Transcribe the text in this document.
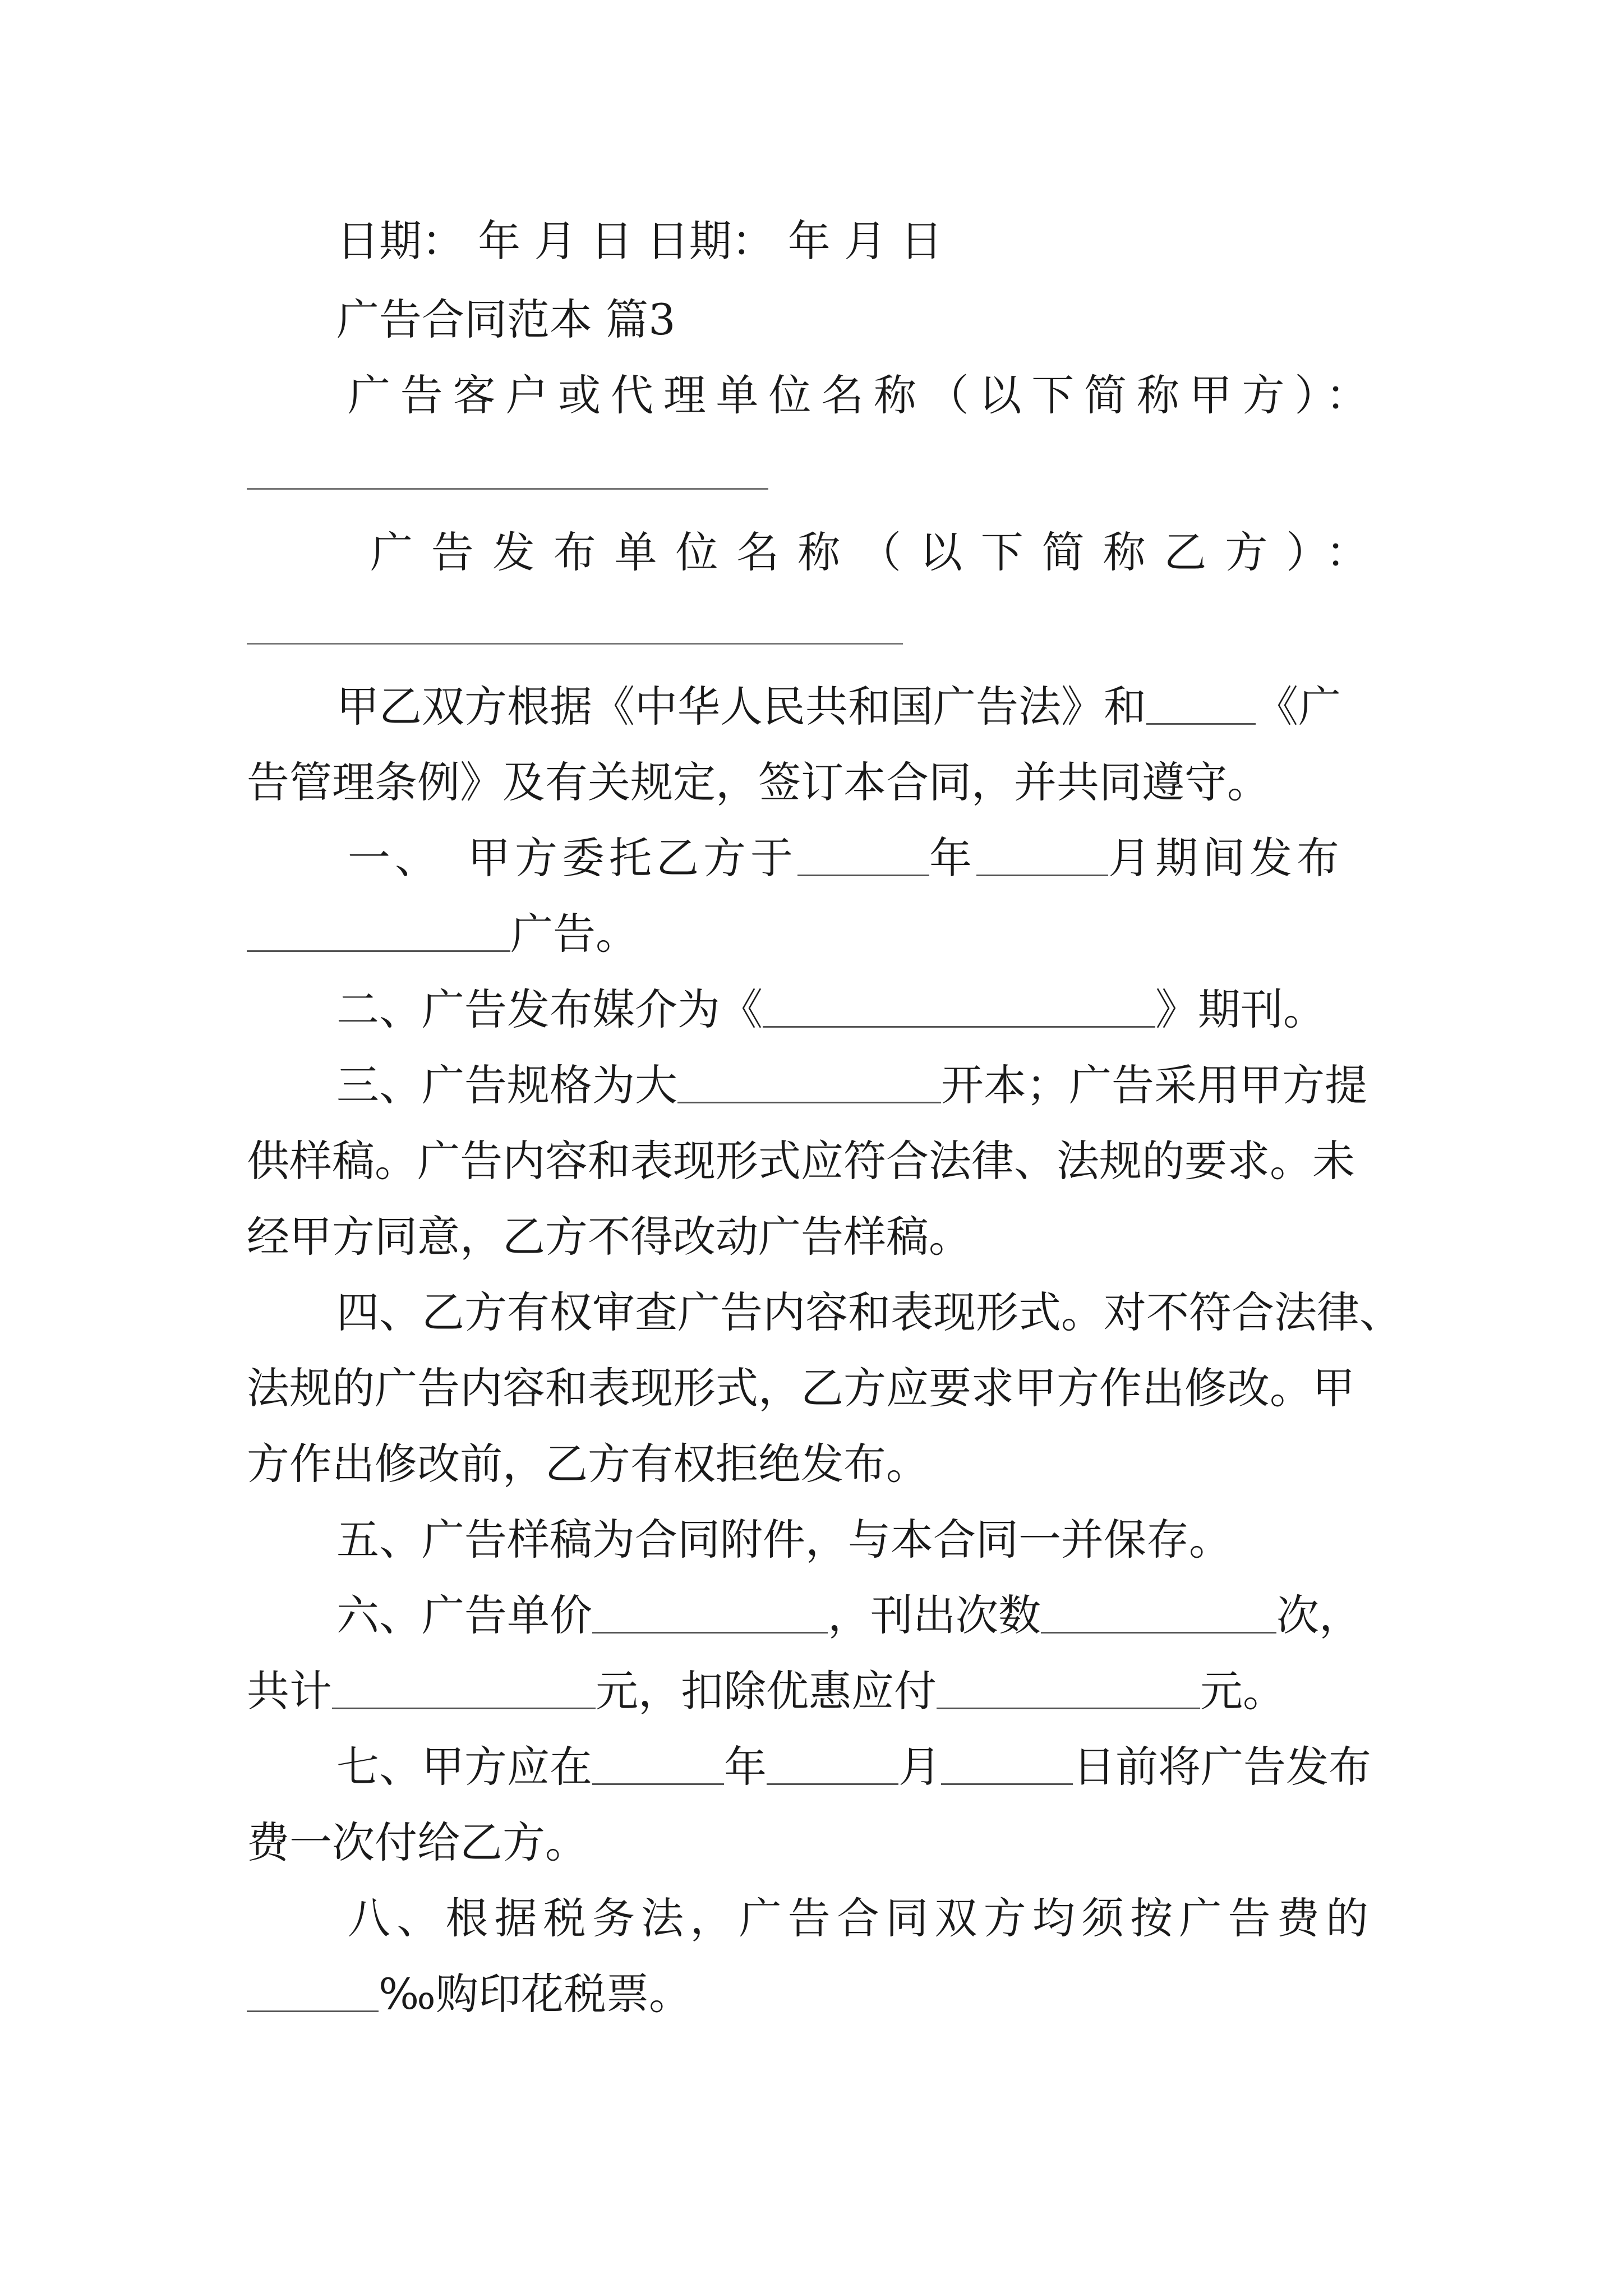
日期： 年 月 日 日期： 年 月 日
广告合同范本 篇3
广告客户或代理单位名称（以下简称甲方）：
广告发布单位名称（以下简称乙方）：
甲乙双方根据《中华人民共和国广告法》和	《广
告管理条例》及有关规定，签订本合同，并共同遵守。
一、　甲方委托乙方于	年	月期间发布
广告。
二、广告发布媒介为《	》期刊。
三、广告规格为大	开本；广告采用甲方提
供样稿。广告内容和表现形式应符合法律、法规的要求。未
经甲方同意，乙方不得改动广告样稿。
四、乙方有权审查广告内容和表现形式。对不符合法律、
法规的广告内容和表现形式，乙方应要求甲方作出修改。甲
方作出修改前，乙方有权拒绝发布。
五、广告样稿为合同附件，与本合同一并保存。
六、广告单价	，刊出次数	次，
共计	元，扣除优惠应付	元。
七、甲方应在	年	月	日前将广告发布
费一次付给乙方。
八、根据税务法，广告合同双方均须按广告费的
‰购印花税票。
